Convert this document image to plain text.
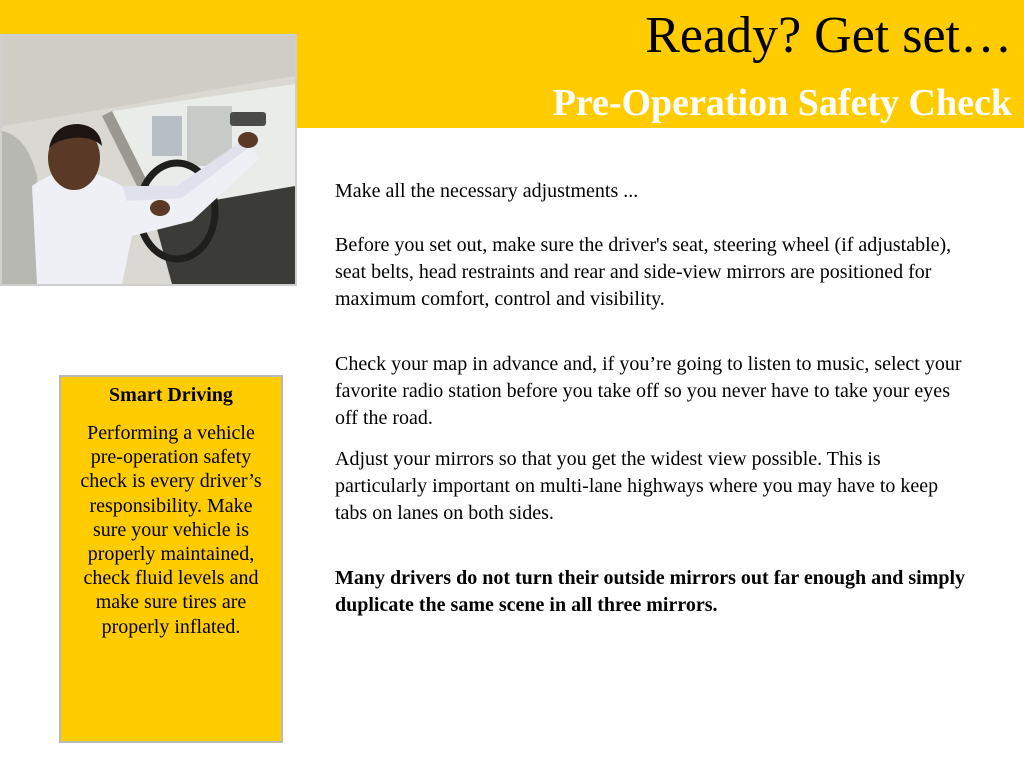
Ready? Get set…
Pre-Operation Safety Check
Smart Driving
Performing a vehicle pre-operation safety check is every driver’s responsibility. Make sure your vehicle is properly maintained, check fluid levels and make sure tires are properly inflated.

Make all the necessary adjustments ...

Before you set out, make sure the driver's seat, steering wheel (if adjustable), seat belts, head restraints and rear and side-view mirrors are positioned for maximum comfort, control and visibility.

Check your map in advance and, if you’re going to listen to music, select your favorite radio station before you take off so you never have to take your eyes off the road.

Adjust your mirrors so that you get the widest view possible. This is particularly important on multi-lane highways where you may have to keep tabs on lanes on both sides.

Many drivers do not turn their outside mirrors out far enough and simply duplicate the same scene in all three mirrors.
